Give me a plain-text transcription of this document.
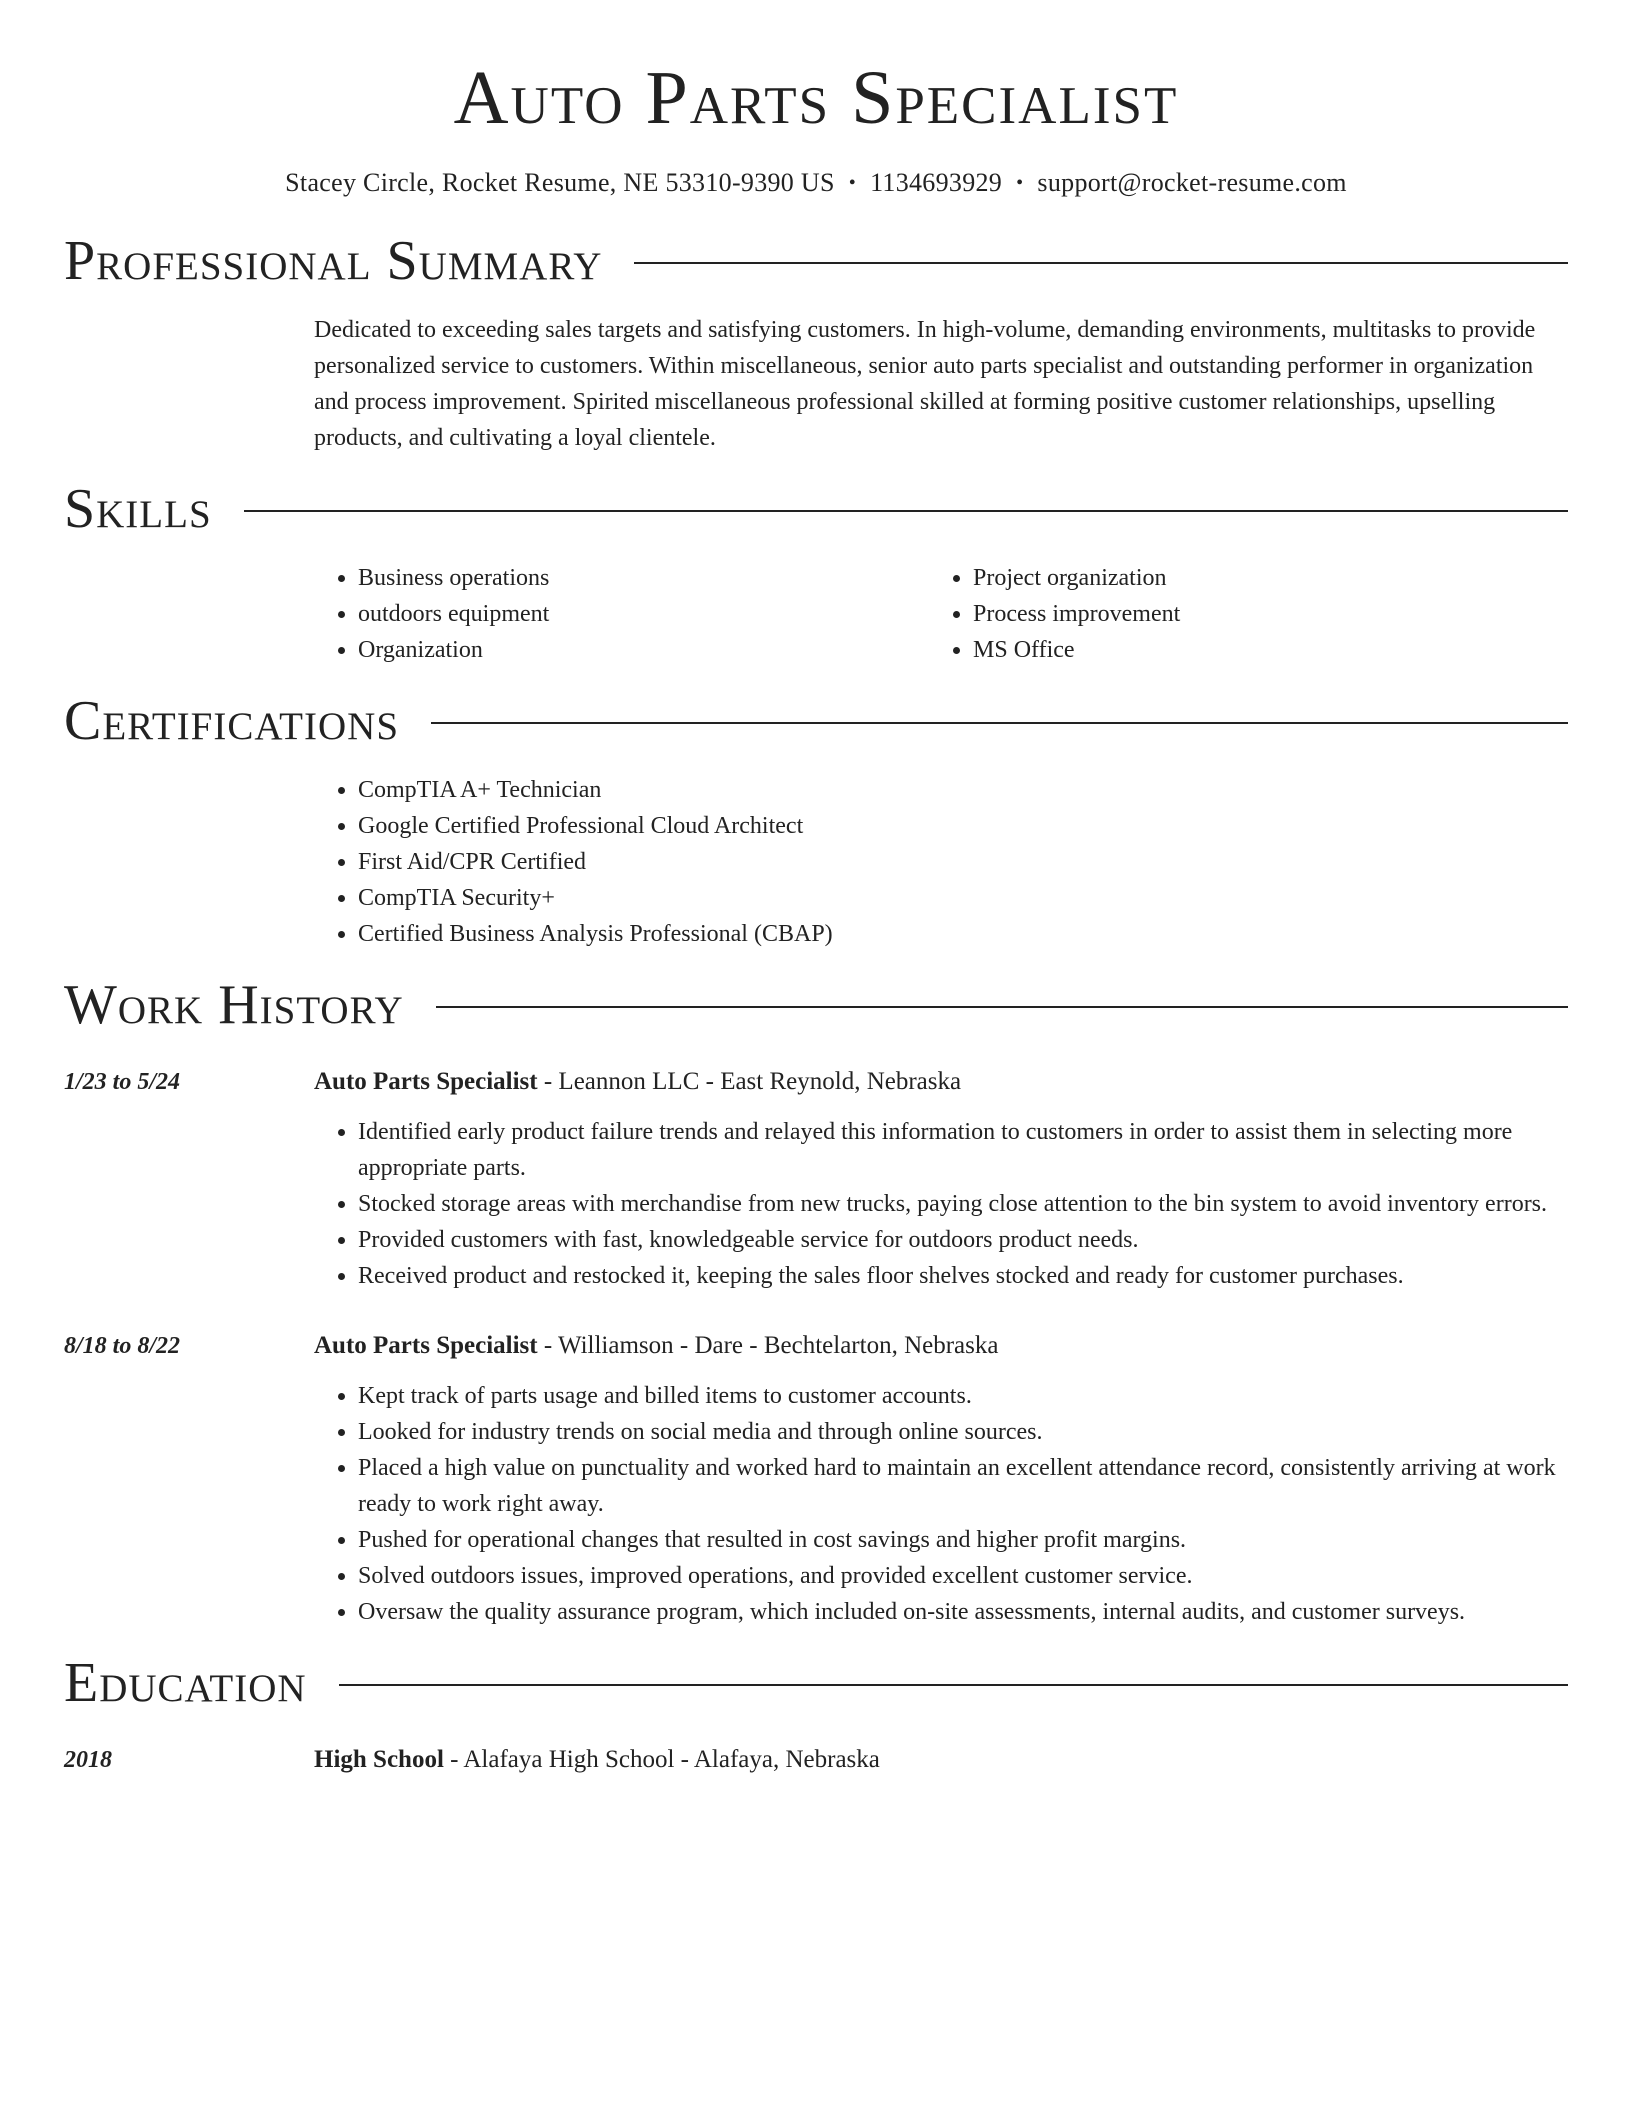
Auto Parts Specialist
Stacey Circle, Rocket Resume, NE 53310-9390 US • 1134693929 • support@rocket-resume.com
Professional Summary
Dedicated to exceeding sales targets and satisfying customers. In high-volume, demanding environments, multitasks to provide personalized service to customers. Within miscellaneous, senior auto parts specialist and outstanding performer in organization and process improvement. Spirited miscellaneous professional skilled at forming positive customer relationships, upselling products, and cultivating a loyal clientele.
Skills
• Business operations
• outdoors equipment
• Organization
• Project organization
• Process improvement
• MS Office
Certifications
• CompTIA A+ Technician
• Google Certified Professional Cloud Architect
• First Aid/CPR Certified
• CompTIA Security+
• Certified Business Analysis Professional (CBAP)
Work History
1/23 to 5/24	Auto Parts Specialist - Leannon LLC - East Reynold, Nebraska
• Identified early product failure trends and relayed this information to customers in order to assist them in selecting more appropriate parts.
• Stocked storage areas with merchandise from new trucks, paying close attention to the bin system to avoid inventory errors.
• Provided customers with fast, knowledgeable service for outdoors product needs.
• Received product and restocked it, keeping the sales floor shelves stocked and ready for customer purchases.
8/18 to 8/22	Auto Parts Specialist - Williamson - Dare - Bechtelarton, Nebraska
• Kept track of parts usage and billed items to customer accounts.
• Looked for industry trends on social media and through online sources.
• Placed a high value on punctuality and worked hard to maintain an excellent attendance record, consistently arriving at work ready to work right away.
• Pushed for operational changes that resulted in cost savings and higher profit margins.
• Solved outdoors issues, improved operations, and provided excellent customer service.
• Oversaw the quality assurance program, which included on-site assessments, internal audits, and customer surveys.
Education
2018	High School - Alafaya High School - Alafaya, Nebraska
